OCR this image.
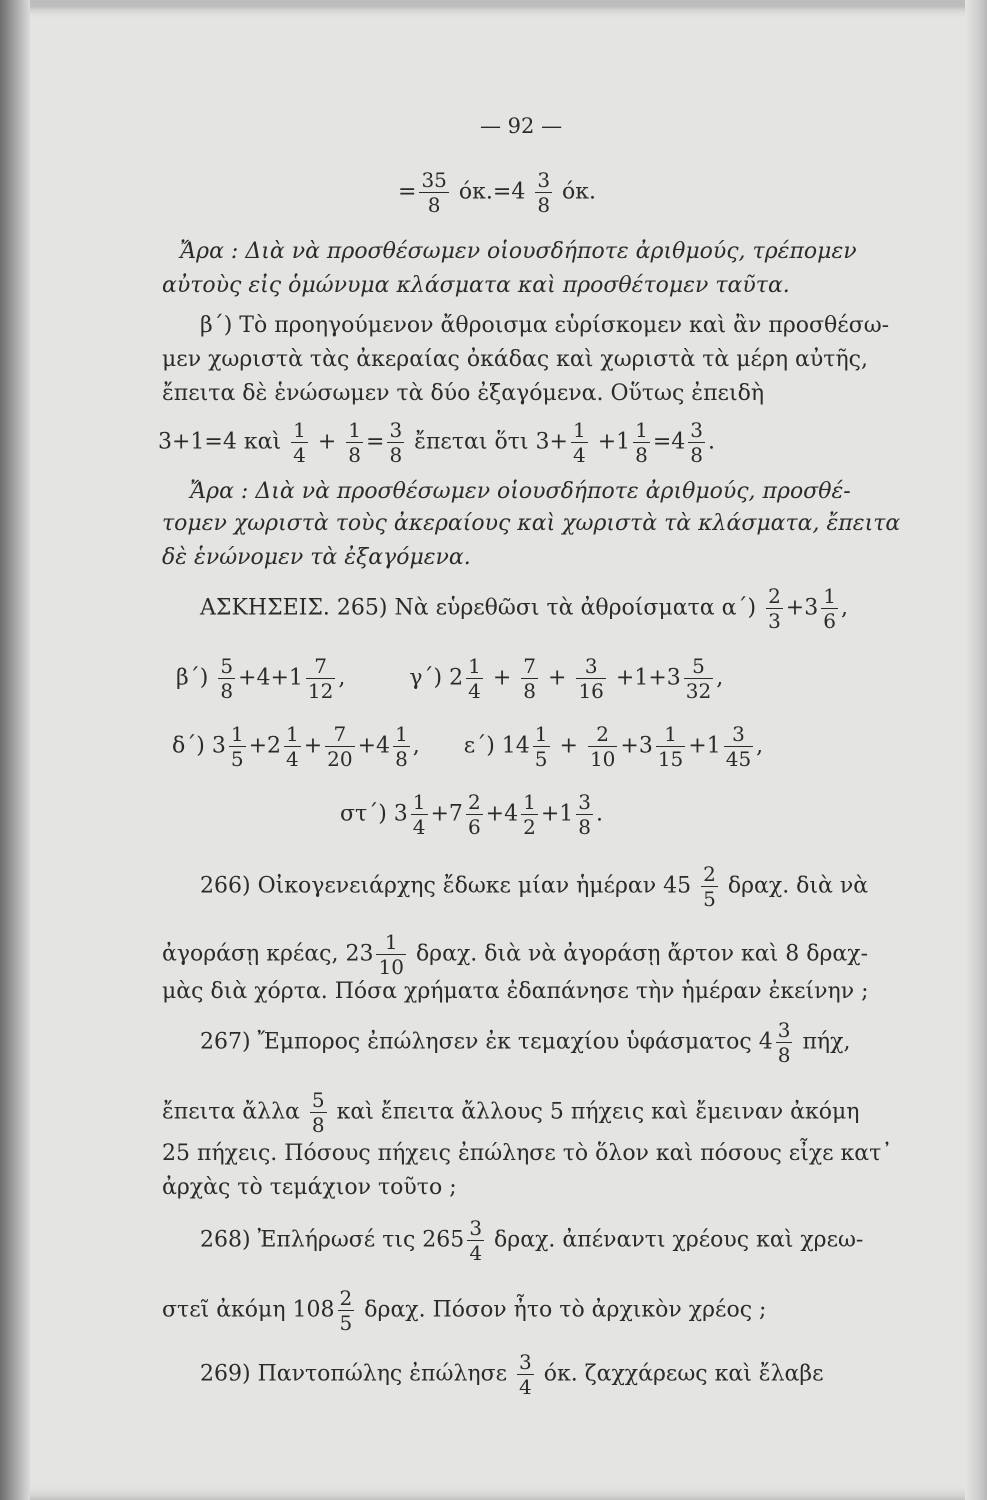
— 92 —
= $\frac{35}{8} ό\kappa.=4 \frac{3}{8} ό\kappa$.
Ἄρα : Διὰ νὰ προσθέσωμεν οἱουσδήποτε ἀριθμούς, τρέπομεν
αὐτοὺς εἰς ὁμώνυμα κλάσματα καὶ προσθέτομεν ταῦτα.
β΄) Τὸ προηγούμενον ἄθροισμα εὑρίσκομεν καὶ ἂν προσθέσω-
μεν χωριστὰ τὰς ἀκεραίας ὀκάδας καὶ χωριστὰ τὰ μέρη αὐτῆς,
ἔπειτα δὲ ἑνώσωμεν τὰ δύο ἐξαγόμενα. Οὕτως ἐπειδὴ
3+1=4 καὶ $\frac{1}{4} + \frac{1}{8} = \frac{3}{8}$ ἔπεται ὅτι $3+ \frac{1}{4} +1 \frac{1}{8} =4 \frac{3}{8}$ .
Ἄρα : Διὰ νὰ προσθέσωμεν οἱουσδήποτε ἀριθμούς, προσθέ-
τομεν χωριστὰ τοὺς ἀκεραίους καὶ χωριστὰ τὰ κλάσματα, ἔπειτα
δὲ ἑνώνομεν τὰ ἐξαγόμενα.
ΑΣΚΗΣΕΙΣ. 265) Νὰ εὑρεθῶσι τὰ ἀθροίσματα $\alpha΄) \frac{2}{3} +3 \frac{1}{6}$ ,
$\beta΄) \frac{5}{8} +4+1 \frac{7}{12}$ ,	γ΄) $2 \frac{1}{4} + \frac{7}{8} + \frac{3}{16} +1+3 \frac{5}{32}$ ,
δ΄) $3 \frac{1}{5} +2 \frac{1}{4} + \frac{7}{20} +4 \frac{1}{8}$ , ε΄) $14 \frac{1}{5} + \frac{2}{10} +3 \frac{1}{15} +1 \frac{3}{45}$ ,
στ΄) $3 \frac{1}{4} +7 \frac{2}{6} +4 \frac{1}{2} +1 \frac{3}{8}$ .
266) Οἰκογενειάρχης ἔδωκε μίαν ἡμέραν $45 \frac{2}{5} \delta\rho\alpha\chi$. διὰ νὰ
ἀγοράσῃ κρέας, $23 \frac{1}{10} \delta\rho\alpha\chi$. διὰ νὰ ἀγοράσῃ ἄρτον καὶ 8 δραχ-
μὰς διὰ χόρτα. Πόσα χρήματα ἐδαπάνησε τὴν ἡμέραν ἐκείνην ;
267) Ἔμπορος ἐπώλησεν ἐκ τεμαχίου ὑφάσματος $4 \frac{3}{8} \pi ή\chi$,
ἔπειτα ἄλλα $\frac{5}{8}$ καὶ ἔπειτα ἄλλους 5 πήχεις καὶ ἔμειναν ἀκόμη
25 πήχεις. Πόσους πήχεις ἐπώλησε τὸ ὅλον καὶ πόσους εἶχε κατ᾽
ἀρχὰς τὸ τεμάχιον τοῦτο ;
268) Ἐπλήρωσέ τις $265 \frac{3}{4} \delta\rho\alpha\chi$. ἀπέναντι χρέους καὶ χρεω-
στεῖ ἀκόμη $108 \frac{2}{5} \delta\rho\alpha\chi$. Πόσον ἦτο τὸ ἀρχικὸν χρέος ;
269) Παντοπώλης ἐπώλησε $\frac{3}{4} ό\kappa$. ζαχχάρεως καὶ ἔλαβε
